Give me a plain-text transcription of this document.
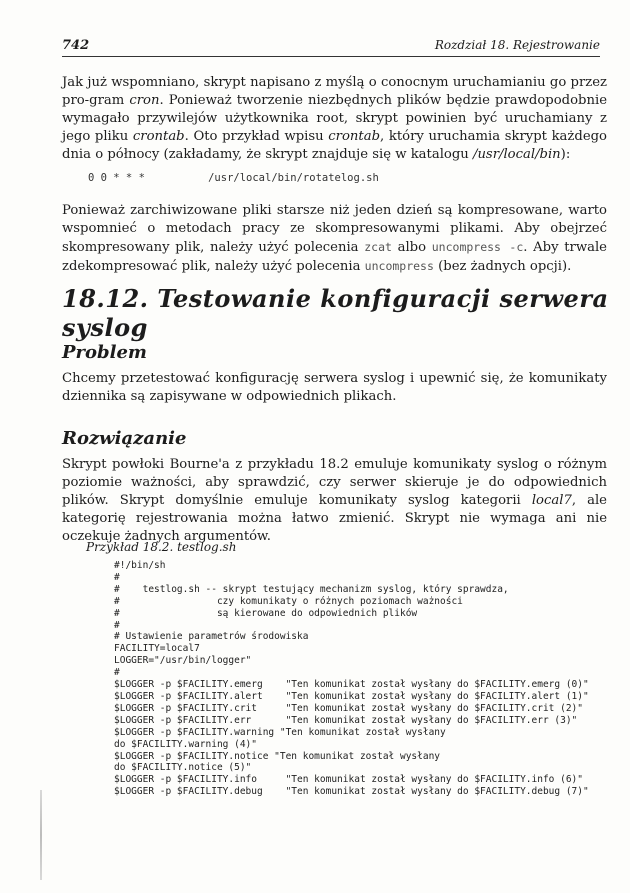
742	Rozdział 18. Rejestrowanie

Jak już wspomniano, skrypt napisano z myślą o conocnym uruchamianiu go przez pro-gram cron. Ponieważ tworzenie niezbędnych plików będzie prawdopodobnie wymagało przywilejów użytkownika root, skrypt powinien być uruchamiany z jego pliku crontab. Oto przykład wpisu crontab, który uruchamia skrypt każdego dnia o północy (zakładamy, że skrypt znajduje się w katalogu /usr/local/bin):

0 0 * * *          /usr/local/bin/rotatelog.sh

Ponieważ zarchiwizowane pliki starsze niż jeden dzień są kompresowane, warto wspomnieć o metodach pracy ze skompresowanymi plikami. Aby obejrzeć skompresowany plik, należy użyć polecenia zcat albo uncompress -c. Aby trwale zdekompresować plik, należy użyć polecenia uncompress (bez żadnych opcji).

18.12. Testowanie konfiguracji serwera syslog
Problem

Chcemy przetestować konfigurację serwera syslog i upewnić się, że komunikaty dziennika są zapisywane w odpowiednich plikach.

Rozwiązanie

Skrypt powłoki Bourne'a z przykładu 18.2 emuluje komunikaty syslog o różnym poziomie ważności, aby sprawdzić, czy serwer skieruje je do odpowiednich plików. Skrypt domyślnie emuluje komunikaty syslog kategorii local7, ale kategorię rejestrowania można łatwo zmienić. Skrypt nie wymaga ani nie oczekuje żadnych argumentów.

Przykład 18.2. testlog.sh

#!/bin/sh
#
#    testlog.sh -- skrypt testujący mechanizm syslog, który sprawdza,
#                 czy komunikaty o różnych poziomach ważności
#                 są kierowane do odpowiednich plików
#
# Ustawienie parametrów środowiska
FACILITY=local7
LOGGER="/usr/bin/logger"
#
$LOGGER -p $FACILITY.emerg    "Ten komunikat został wysłany do $FACILITY.emerg (0)"
$LOGGER -p $FACILITY.alert    "Ten komunikat został wysłany do $FACILITY.alert (1)"
$LOGGER -p $FACILITY.crit     "Ten komunikat został wysłany do $FACILITY.crit (2)"
$LOGGER -p $FACILITY.err      "Ten komunikat został wysłany do $FACILITY.err (3)"
$LOGGER -p $FACILITY.warning "Ten komunikat został wysłany
do $FACILITY.warning (4)"
$LOGGER -p $FACILITY.notice "Ten komunikat został wysłany
do $FACILITY.notice (5)"
$LOGGER -p $FACILITY.info     "Ten komunikat został wysłany do $FACILITY.info (6)"
$LOGGER -p $FACILITY.debug    "Ten komunikat został wysłany do $FACILITY.debug (7)"
